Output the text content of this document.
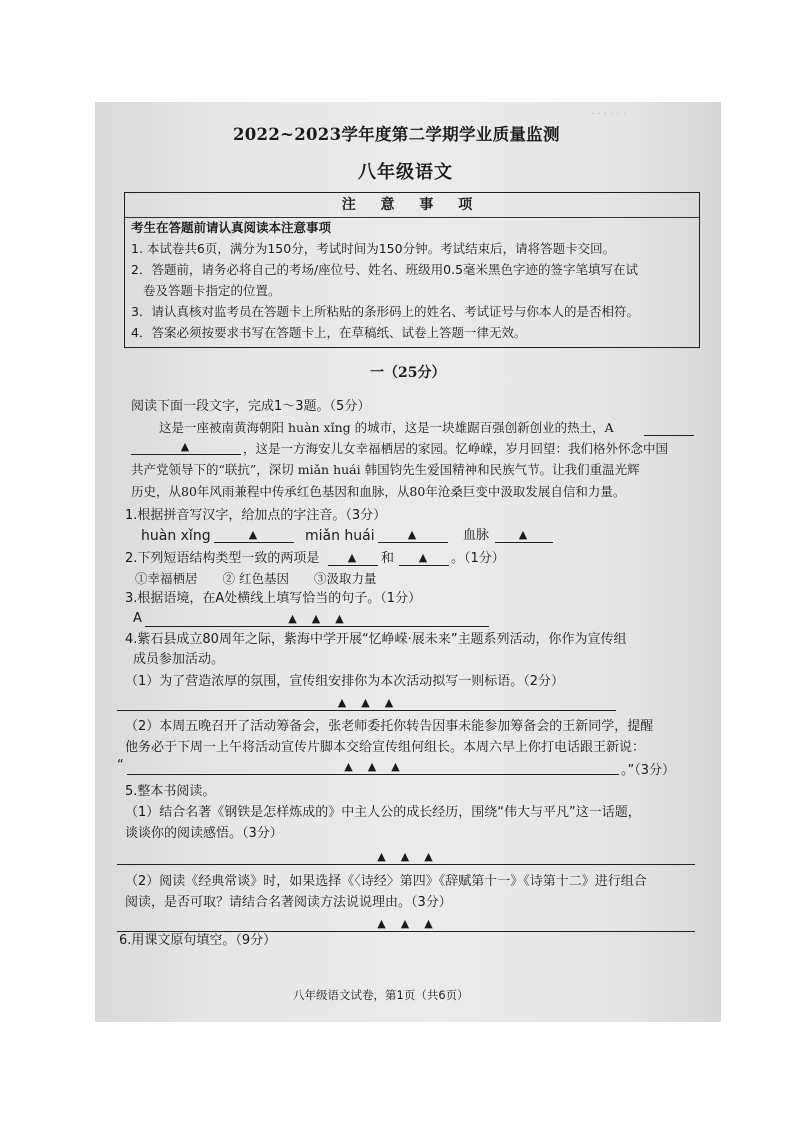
· · · · · ·
2022~2023学年度第二学期学业质量监测
八年级语文
注 意 事 项
考生在答题前请认真阅读本注意事项
1. 本试卷共6页，满分为150分，考试时间为150分钟。考试结束后，请将答题卡交回。
2．答题前，请务必将自己的考场/座位号、姓名、班级用0.5毫米黑色字迹的签字笔填写在试
卷及答题卡指定的位置。
3．请认真核对监考员在答题卡上所粘贴的条形码上的姓名、考试证号与你本人的是否相符。
4．答案必须按要求书写在答题卡上，在草稿纸、试卷上答题一律无效。
一（25分）
阅读下面一段文字，完成1～3题。（5分）
这是一座被南黄海朝阳 huàn xǐng 的城市，这是一块雄踞百强创新创业的热土，A
▲	，这是一方海安儿女幸福栖居的家园。忆峥嵘，岁月回望：我们格外怀念中国
共产党领导下的“联抗”，深切 miǎn huái 韩国钧先生爱国精神和民族气节。让我们重温光辉
历史，从80年风雨兼程中传承红色基因和血脉，从80年沧桑巨变中汲取发展自信和力量。
1.根据拼音写汉字，给加点的字注音。（3分）
huàn xǐng	▲	miǎn huái	▲	血脉	▲
2.下列短语结构类型一致的两项是	▲	和	▲	。（1分）
①幸福栖居　　② 红色基因　　③汲取力量
3.根据语境，在A处横线上填写恰当的句子。（1分）
A	▲　▲　▲
4.紫石县成立80周年之际，紫海中学开展“忆峥嵘·展未来”主题系列活动，你作为宣传组
成员参加活动。
（1）为了营造浓厚的氛围，宣传组安排你为本次活动拟写一则标语。（2分）
▲　▲　▲
（2）本周五晚召开了活动筹备会，张老师委托你转告因事未能参加筹备会的王新同学，提醒
他务必于下周一上午将活动宣传片脚本交给宣传组何组长。本周六早上你打电话跟王新说：
“	▲　▲　▲	。”（3分）
5.整本书阅读。
（1）结合名著《钢铁是怎样炼成的》中主人公的成长经历，围绕“伟大与平凡”这一话题，
谈谈你的阅读感悟。（3分）
▲　▲　▲
（2）阅读《经典常谈》时，如果选择《〈诗经〉第四》《辞赋第十一》《诗第十二》进行组合
阅读，是否可取？请结合名著阅读方法说说理由。（3分）
▲　▲　▲
6.用课文原句填空。（9分）
八年级语文试卷，第1页（共6页）
